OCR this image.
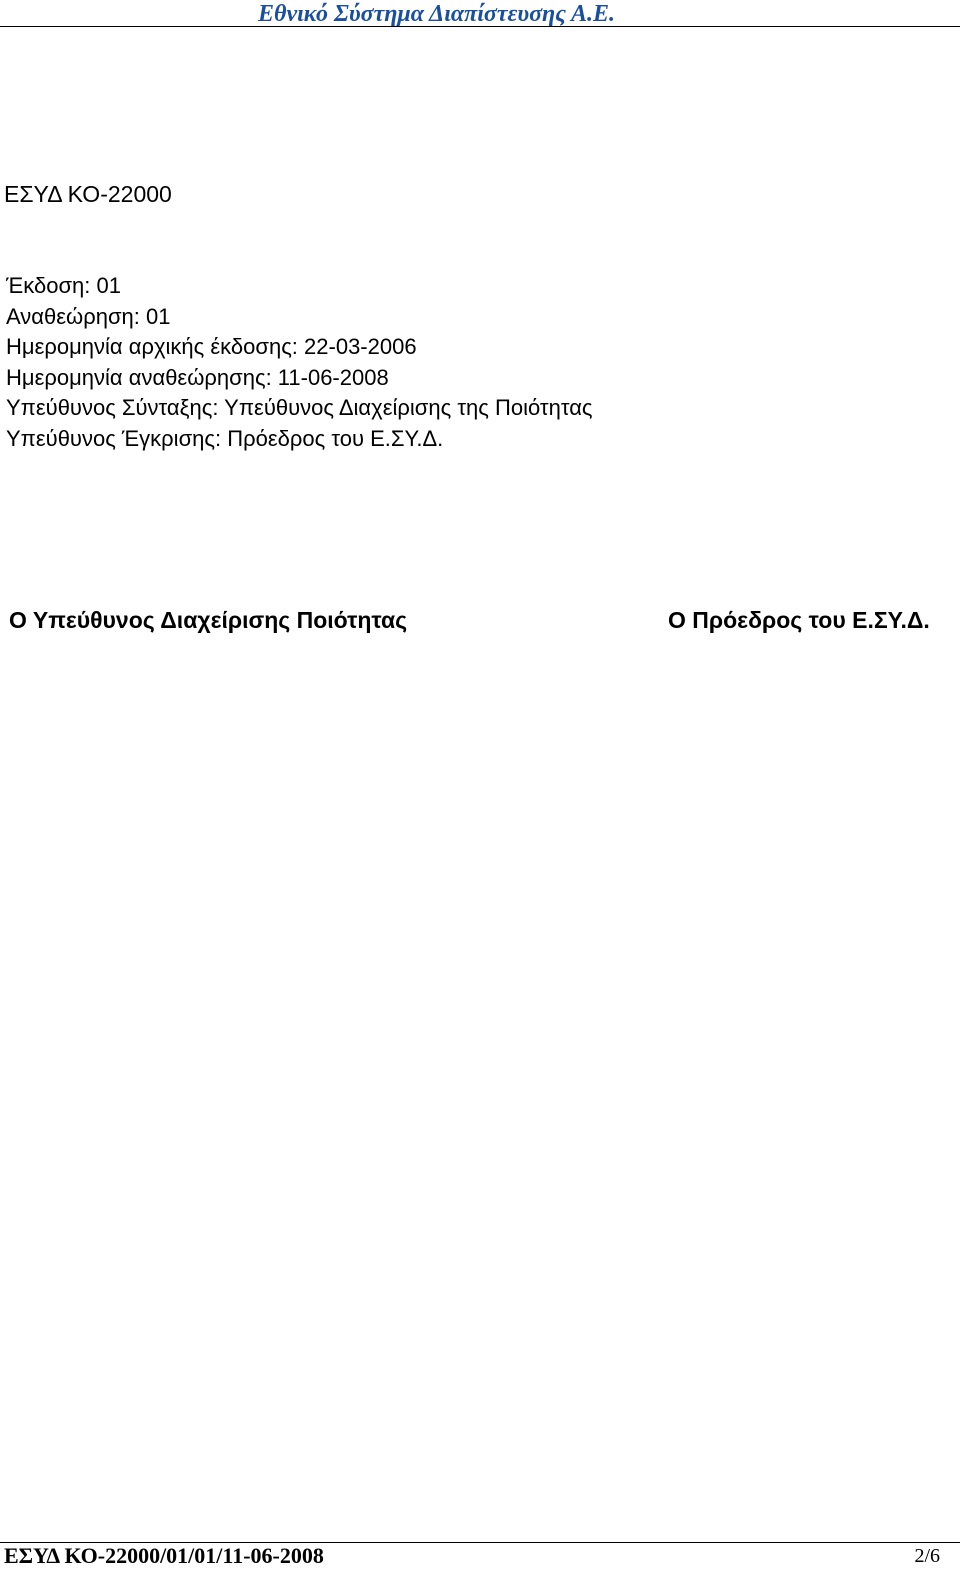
Εθνικό Σύστημα Διαπίστευσης Α.Ε.
ΕΣΥΔ ΚΟ-22000
Έκδοση: 01
Αναθεώρηση: 01
Ημερομηνία αρχικής έκδοσης: 22-03-2006
Ημερομηνία αναθεώρησης: 11-06-2008
Υπεύθυνος Σύνταξης: Υπεύθυνος Διαχείρισης της Ποιότητας
Υπεύθυνος Έγκρισης: Πρόεδρος του Ε.ΣΥ.Δ.
Ο Υπεύθυνος Διαχείρισης Ποιότητας	Ο Πρόεδρος του Ε.ΣΥ.Δ.
ΕΣΥΔ ΚΟ-22000/01/01/11-06-2008	2/6
